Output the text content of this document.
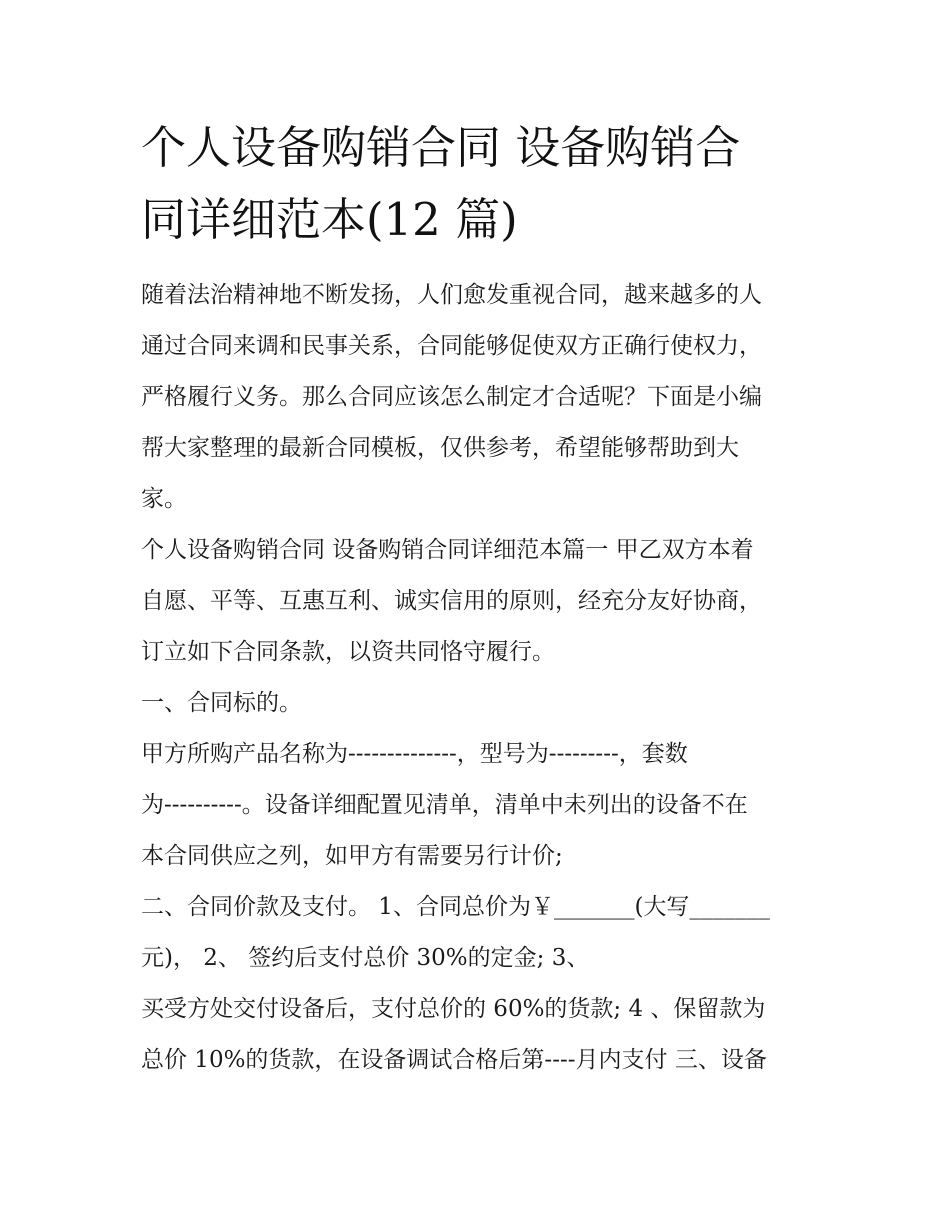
个人设备购销合同 设备购销合
同详细范本(12 篇)
随着法治精神地不断发扬，人们愈发重视合同，越来越多的人
通过合同来调和民事关系，合同能够促使双方正确行使权力，
严格履行义务。那么合同应该怎么制定才合适呢？下面是小编
帮大家整理的最新合同模板，仅供参考，希望能够帮助到大
家。
个人设备购销合同 设备购销合同详细范本篇一 甲乙双方本着
自愿、平等、互惠互利、诚实信用的原则，经充分友好协商，
订立如下合同条款，以资共同恪守履行。
一、合同标的。
甲方所购产品名称为--------------，型号为---------，套数
为----------。设备详细配置见清单，清单中未列出的设备不在
本合同供应之列，如甲方有需要另行计价;
二、合同价款及支付。 1、合同总价为￥_______(大写_______
元)， 2、 签约后支付总价 30%的定金; 3、
买受方处交付设备后，支付总价的 60%的货款; 4 、保留款为
总价 10%的货款，在设备调试合格后第----月内支付 三、设备
